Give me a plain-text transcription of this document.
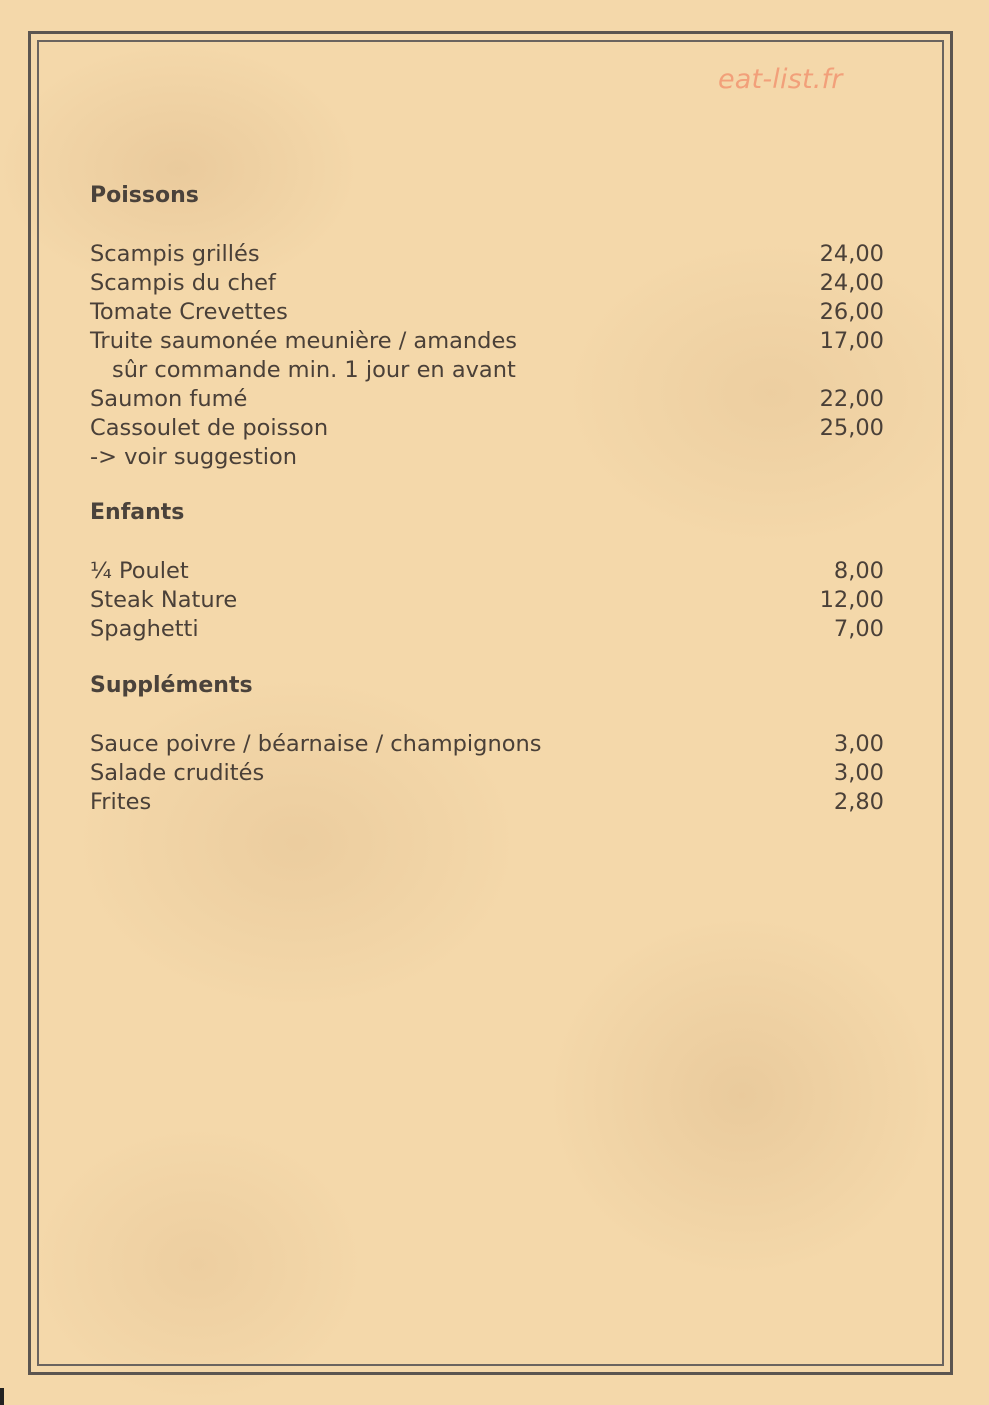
eat-list.fr
Poissons
Scampis grillés	24,00
Scampis du chef	24,00
Tomate Crevettes	26,00
Truite saumonée meunière / amandes	17,00
sûr commande min. 1 jour en avant
Saumon fumé	22,00
Cassoulet de poisson	25,00
-> voir suggestion
Enfants
¼ Poulet	8,00
Steak Nature	12,00
Spaghetti	7,00
Suppléments
Sauce poivre / béarnaise / champignons	3,00
Salade crudités	3,00
Frites	2,80
